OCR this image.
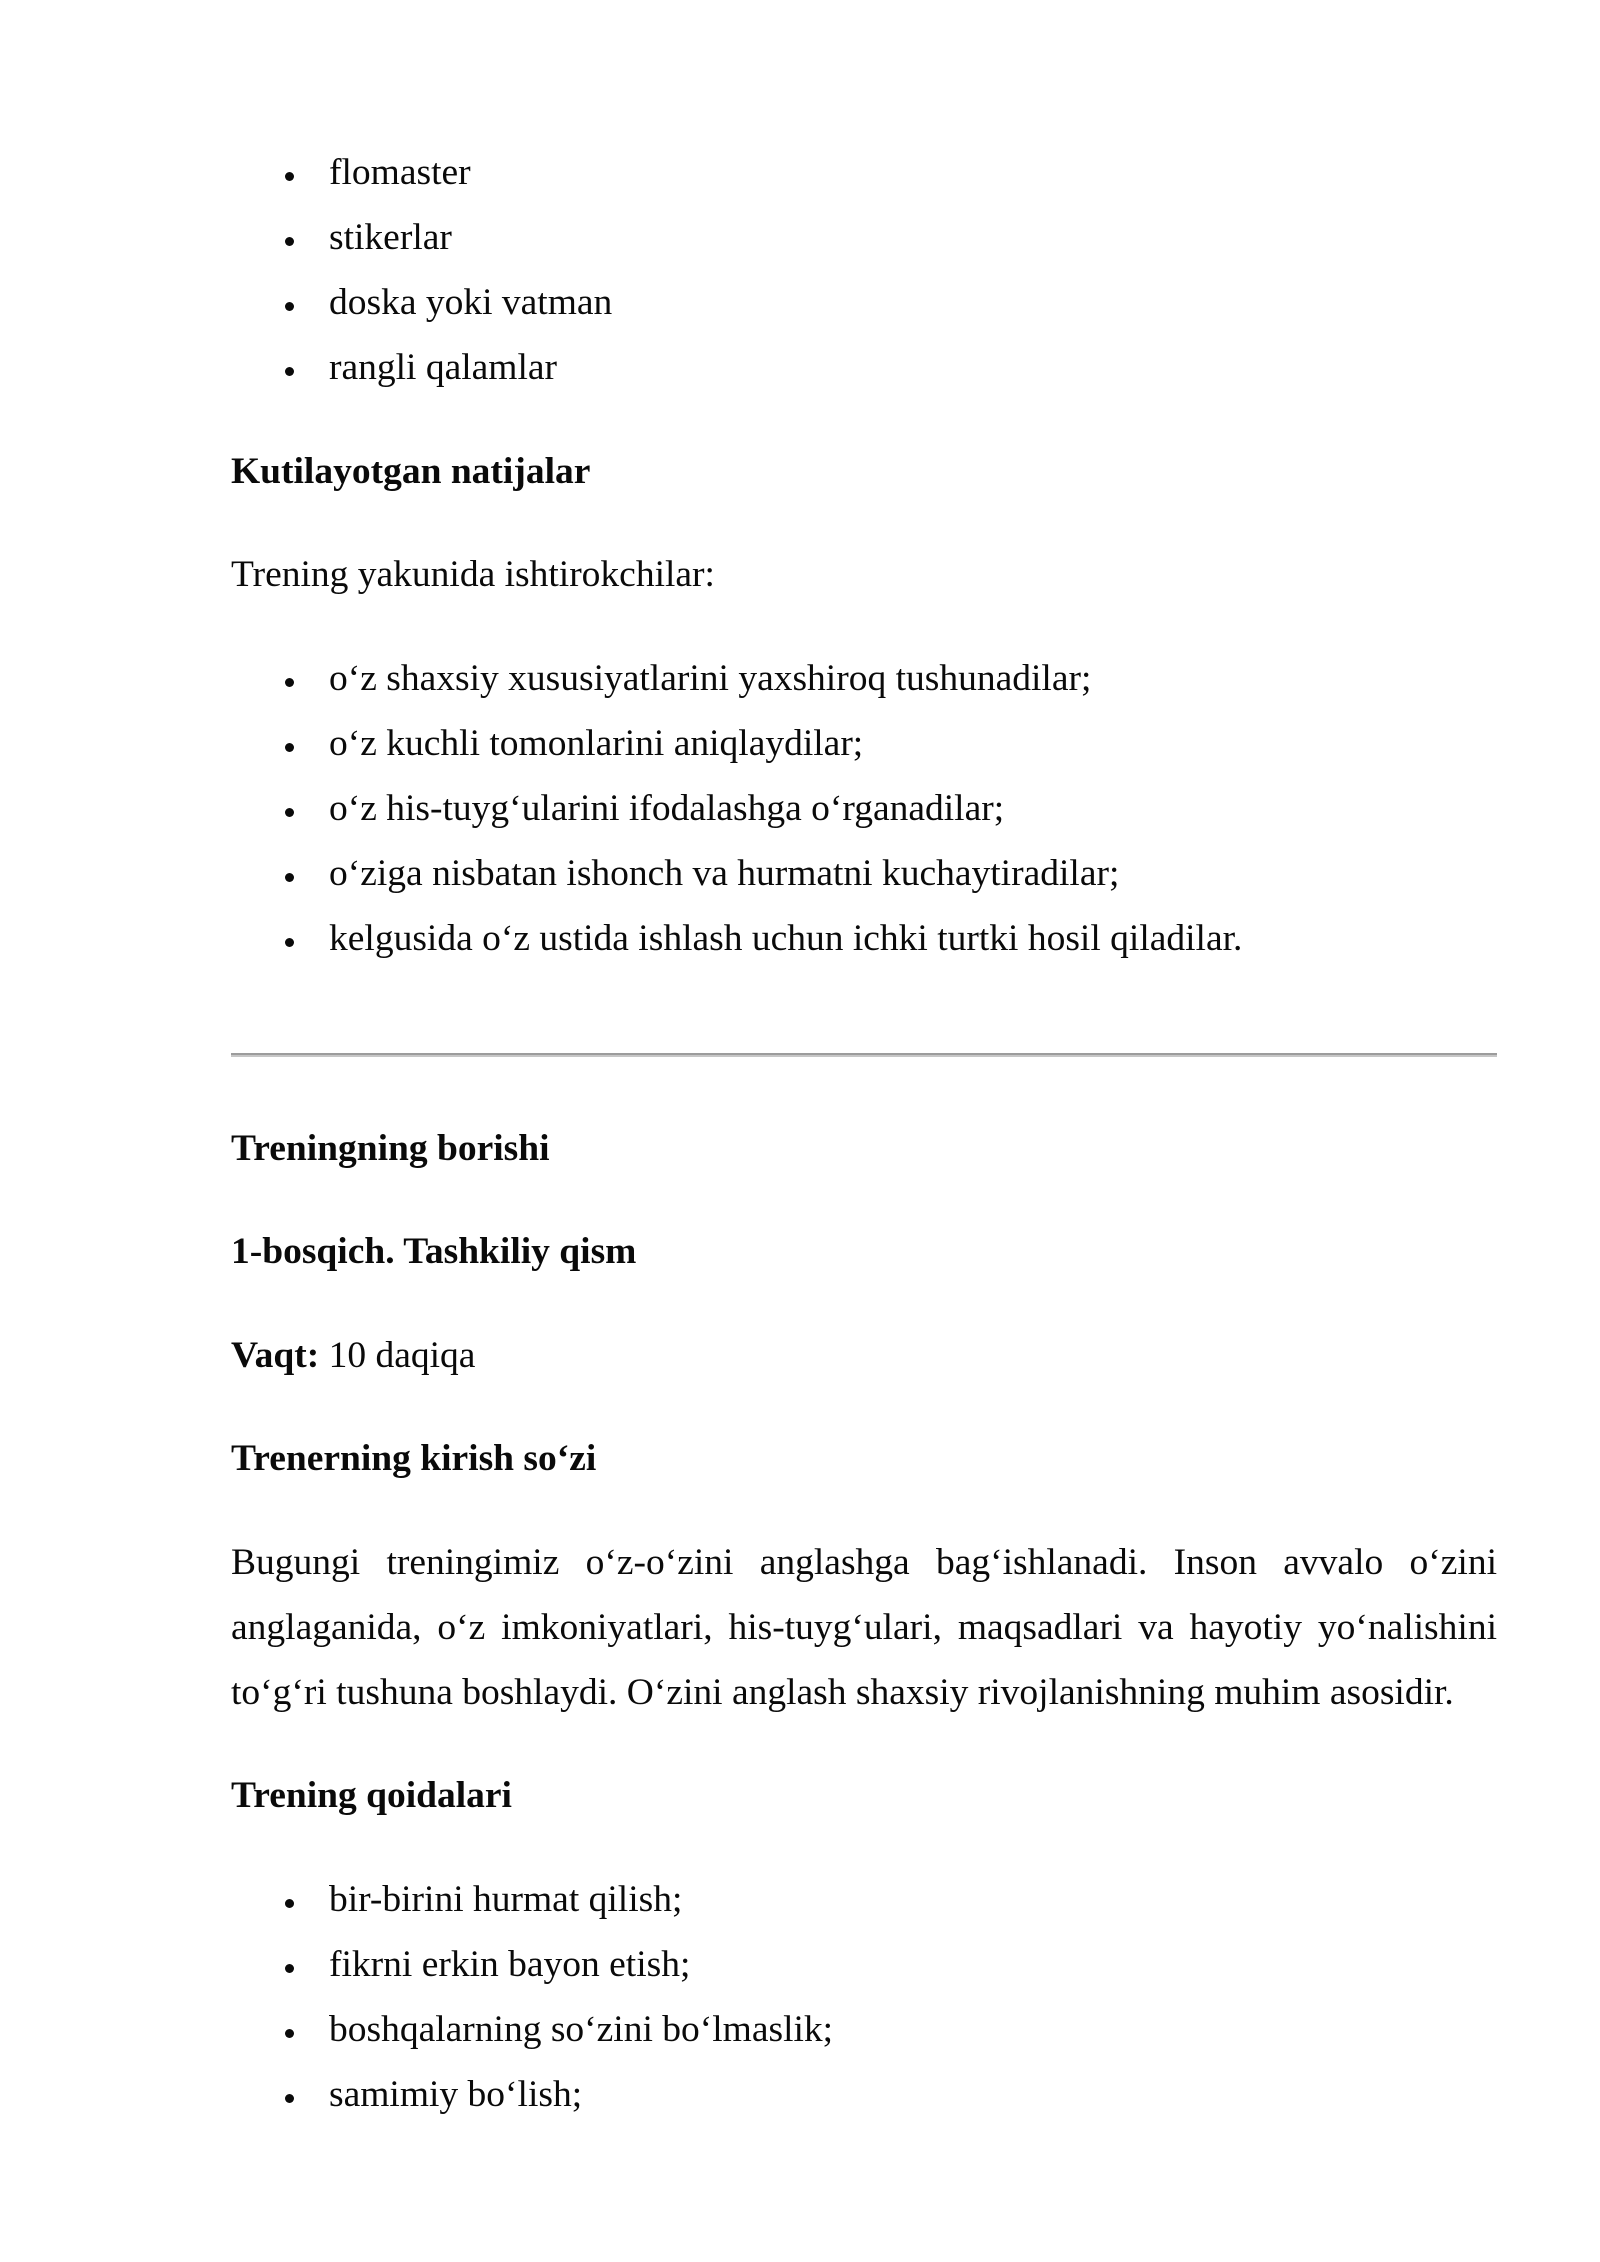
flomaster
stikerlar
doska yoki vatman
rangli qalamlar
Kutilayotgan natijalar
Trening yakunida ishtirokchilar:
o‘z shaxsiy xususiyatlarini yaxshiroq tushunadilar;
o‘z kuchli tomonlarini aniqlaydilar;
o‘z his-tuyg‘ularini ifodalashga o‘rganadilar;
o‘ziga nisbatan ishonch va hurmatni kuchaytiradilar;
kelgusida o‘z ustida ishlash uchun ichki turtki hosil qiladilar.
Treningning borishi
1-bosqich. Tashkiliy qism
Vaqt: 10 daqiqa
Trenerning kirish so‘zi
Bugungi treningimiz o‘z-o‘zini anglashga bag‘ishlanadi. Inson avvalo o‘zini anglaganida, o‘z imkoniyatlari, his-tuyg‘ulari, maqsadlari va hayotiy yo‘nalishini to‘g‘ri tushuna boshlaydi. O‘zini anglash shaxsiy rivojlanishning muhim asosidir.
Trening qoidalari
bir-birini hurmat qilish;
fikrni erkin bayon etish;
boshqalarning so‘zini bo‘lmaslik;
samimiy bo‘lish;
